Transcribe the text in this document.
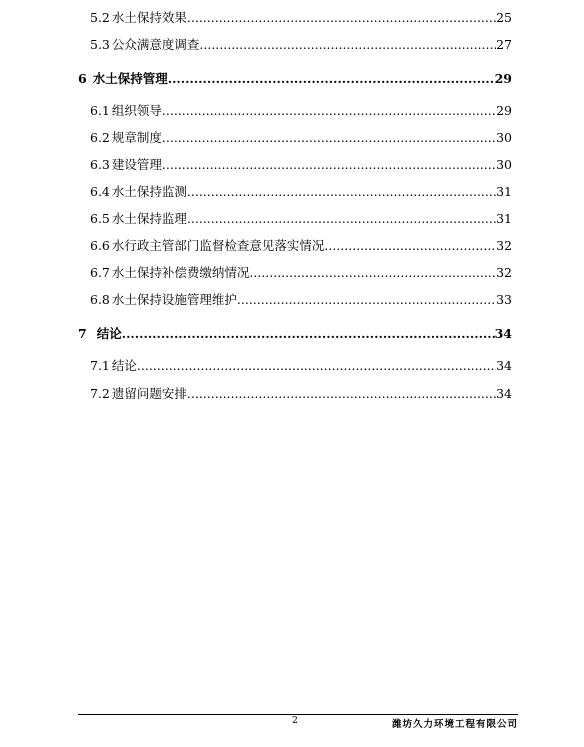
5.2 水土保持效果 .....	25
5.3 公众满意度调查 .....	27
6 水土保持管理 .....	29
6.1 组织领导 .....	29
6.2 规章制度 .....	30
6.3 建设管理 .....	30
6.4 水土保持监测 .....	31
6.5 水土保持监理 .....	31
6.6 水行政主管部门监督检查意见落实情况 .....	32
6.7 水土保持补偿费缴纳情况 .....	32
6.8 水土保持设施管理维护 .....	33
7 结论 .....	34
7.1 结论 .....	34
7.2 遗留问题安排 .....	34
2	潍坊久力环境工程有限公司
